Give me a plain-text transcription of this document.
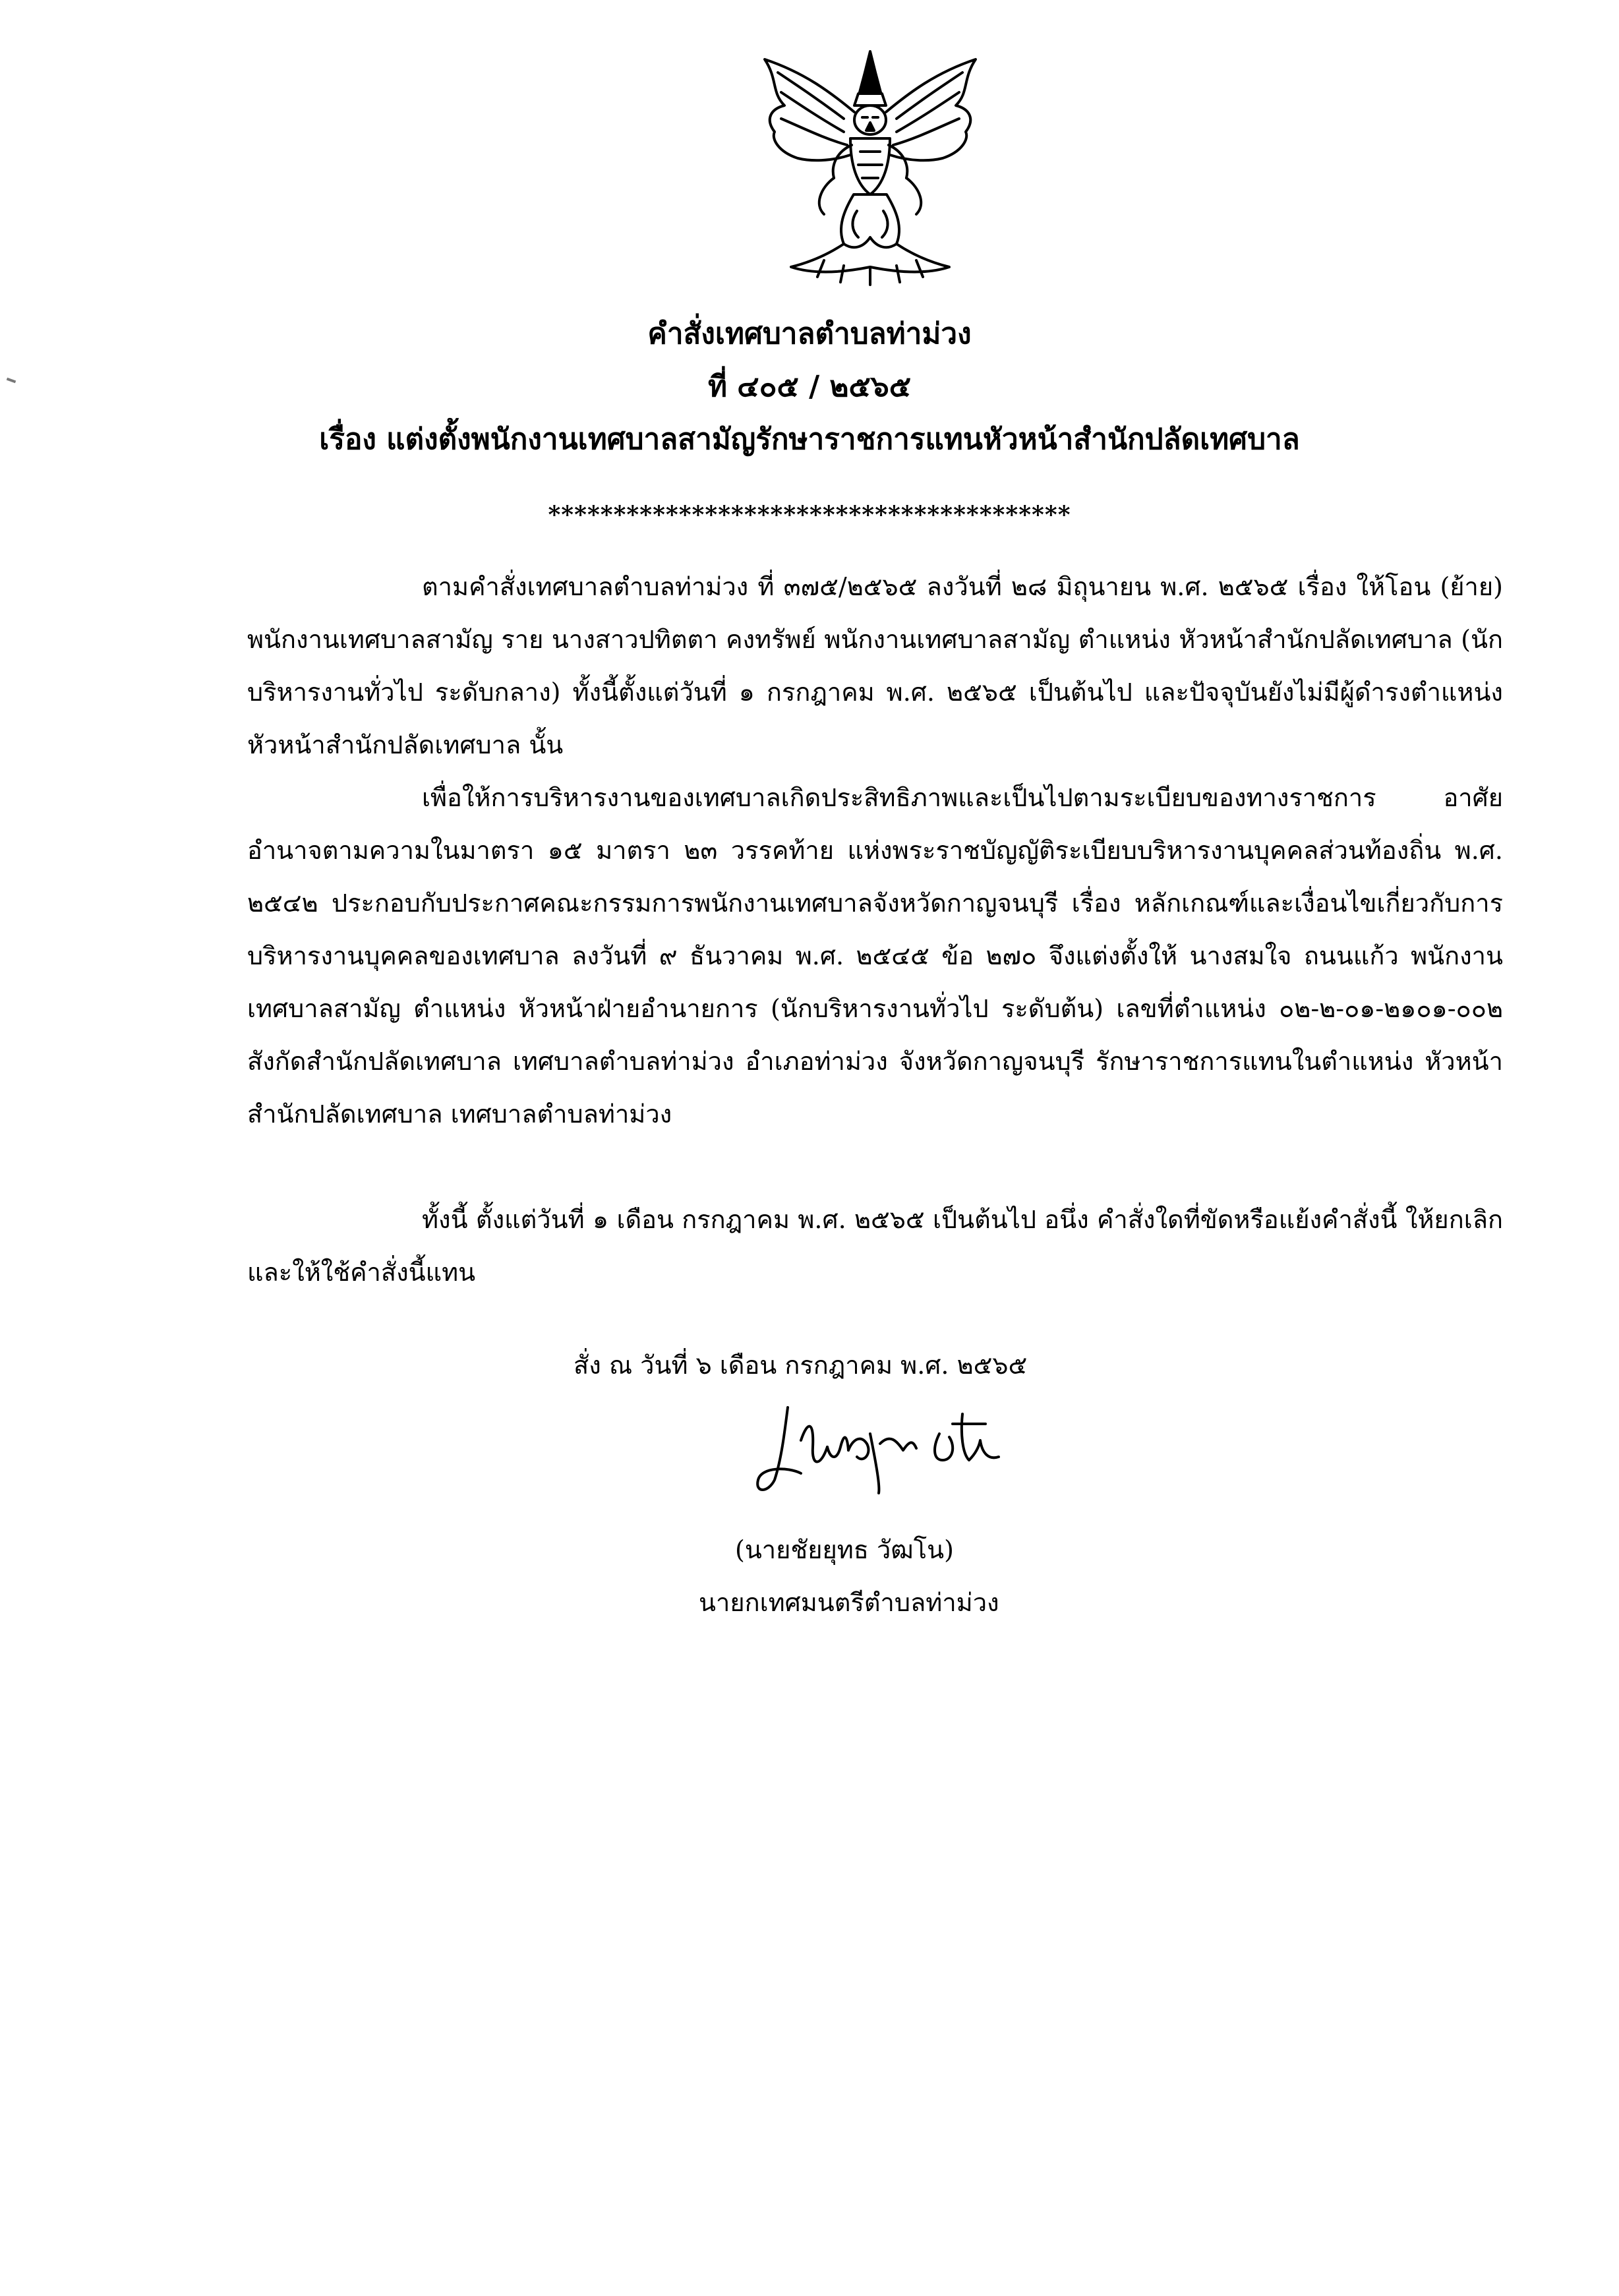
คำสั่งเทศบาลตำบลท่าม่วง
ที่ ๔๐๕ / ๒๕๖๕
เรื่อง แต่งตั้งพนักงานเทศบาลสามัญรักษาราชการแทนหัวหน้าสำนักปลัดเทศบาล
****************************************

ตามคำสั่งเทศบาลตำบลท่าม่วง ที่ ๓๗๕/๒๕๖๕ ลงวันที่ ๒๘ มิถุนายน พ.ศ. ๒๕๖๕ เรื่อง ให้โอน (ย้าย) พนักงานเทศบาลสามัญ ราย นางสาวปทิตตา คงทรัพย์ พนักงานเทศบาลสามัญ ตำแหน่ง หัวหน้าสำนักปลัดเทศบาล (นักบริหารงานทั่วไป ระดับกลาง) ทั้งนี้ตั้งแต่วันที่ ๑ กรกฎาคม พ.ศ. ๒๕๖๕ เป็นต้นไป และปัจจุบันยังไม่มีผู้ดำรงตำแหน่ง หัวหน้าสำนักปลัดเทศบาล นั้น

เพื่อให้การบริหารงานของเทศบาลเกิดประสิทธิภาพและเป็นไปตามระเบียบของทางราชการ อาศัยอำนาจตามความในมาตรา ๑๕ มาตรา ๒๓ วรรคท้าย แห่งพระราชบัญญัติระเบียบบริหารงานบุคคลส่วนท้องถิ่น พ.ศ. ๒๕๔๒ ประกอบกับประกาศคณะกรรมการพนักงานเทศบาลจังหวัดกาญจนบุรี เรื่อง หลักเกณฑ์และเงื่อนไขเกี่ยวกับการบริหารงานบุคคลของเทศบาล ลงวันที่ ๙ ธันวาคม พ.ศ. ๒๕๔๕ ข้อ ๒๗๐ จึงแต่งตั้งให้ นางสมใจ ถนนแก้ว พนักงานเทศบาลสามัญ ตำแหน่ง หัวหน้าฝ่ายอำนายการ (นักบริหารงานทั่วไป ระดับต้น) เลขที่ตำแหน่ง ๐๒-๒-๐๑-๒๑๐๑-๐๐๒ สังกัดสำนักปลัดเทศบาล เทศบาลตำบลท่าม่วง อำเภอท่าม่วง จังหวัดกาญจนบุรี รักษาราชการแทนในตำแหน่ง หัวหน้าสำนักปลัดเทศบาล เทศบาลตำบลท่าม่วง

ทั้งนี้ ตั้งแต่วันที่ ๑ เดือน กรกฎาคม พ.ศ. ๒๕๖๕ เป็นต้นไป อนึ่ง คำสั่งใดที่ขัดหรือแย้งคำสั่งนี้ ให้ยกเลิกและให้ใช้คำสั่งนี้แทน

สั่ง ณ วันที่ ๖ เดือน กรกฎาคม พ.ศ. ๒๕๖๕
(นายชัยยุทธ วัฒโน)
นายกเทศมนตรีตำบลท่าม่วง
